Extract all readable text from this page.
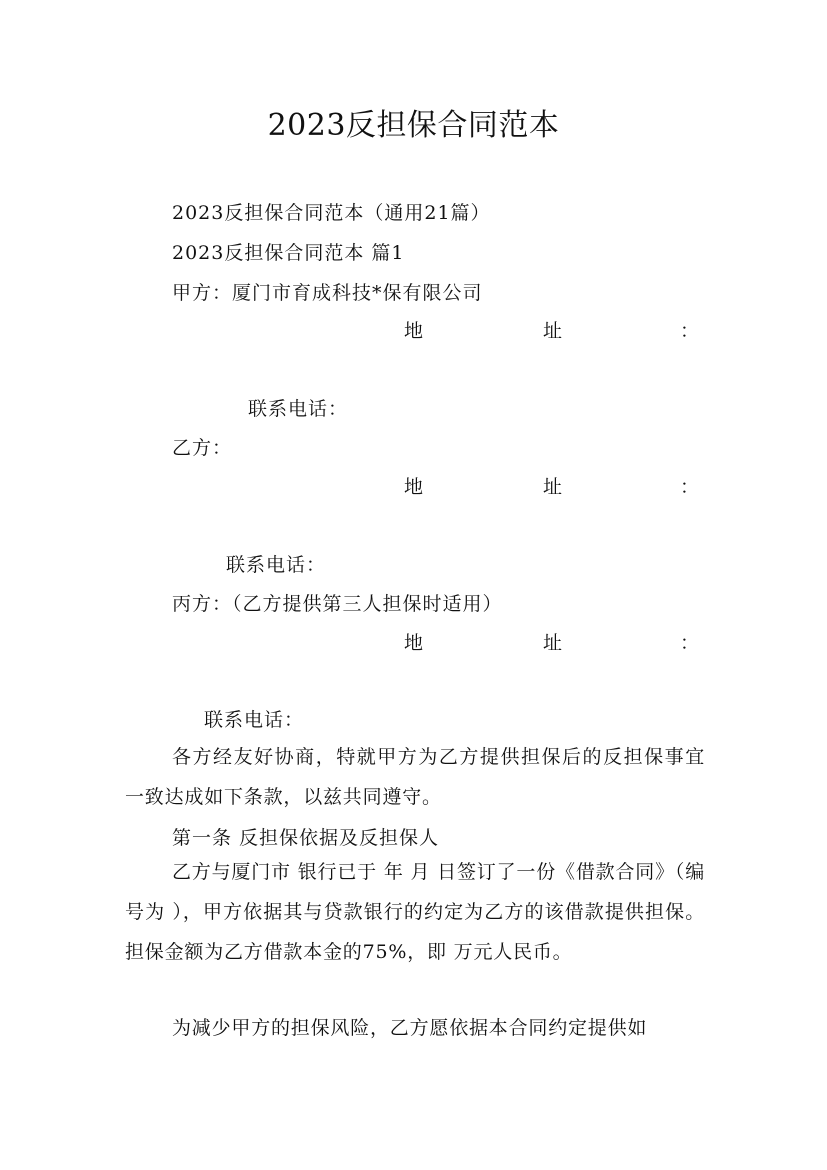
2023反担保合同范本
2023反担保合同范本（通用21篇）
2023反担保合同范本 篇1
甲方：厦门市育成科技*保有限公司
地	址	：
联系电话：
乙方：
地	址	：
联系电话：
丙方：（乙方提供第三人担保时适用）
地	址	：
联系电话：
各方经友好协商，特就甲方为乙方提供担保后的反担保事宜一致达成如下条款，以兹共同遵守。
第一条 反担保依据及反担保人
乙方与厦门市 银行已于 年 月 日签订了一份《借款合同》（编号为 ），甲方依据其与贷款银行的约定为乙方的该借款提供担保。担保金额为乙方借款本金的75%，即 万元人民币。
为减少甲方的担保风险，乙方愿依据本合同约定提供如
